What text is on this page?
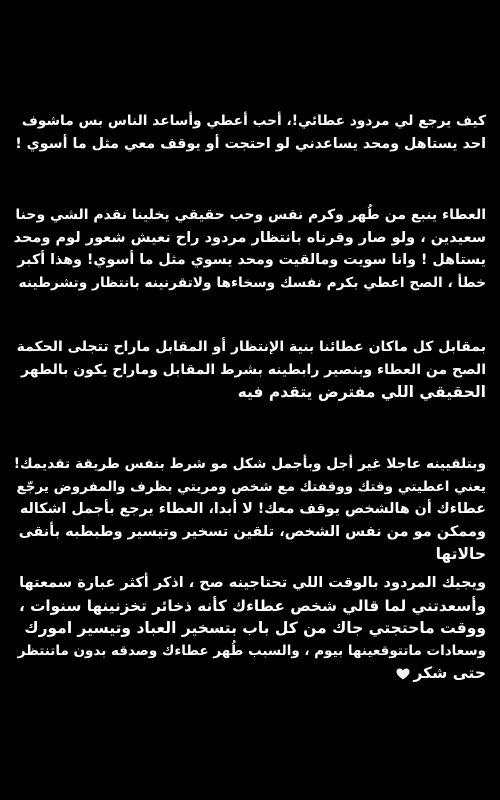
كيف يرجع لي مردود عطائي!، أحب أعطي وأساعد الناس بس ماشوف
احد يستاهل ومحد يساعدني لو احتجت أو يوقف معي مثل ما أسوي !
العطاء ينبع من طُهر وكرم نفس وحب حقيقي يخلينا نقدم الشي وحنا
سعيدين ، ولو صار وقرناه بانتظار مردود راح نعيش شعور لوم ومحد
يستاهل ! وانا سويت ومالقيت ومحد يسوي مثل ما أسوي! وهذا أكبر
خطأ ، الصح اعطي بكرم نفسك وسخاءها ولاتقرنينه بانتظار وتشرطينه
بمقابل كل ماكان عطائنا بنية الإنتظار أو المقابل ماراح تتجلى الحكمة
الصح من العطاء وبنصير رابطينه بشرط المقابل وماراح يكون بالطهر
الحقيقي اللي مفترض يتقدم فيه
وبتلقيينه عاجلا غير أجل وبأجمل شكل مو شرط بنفس طريقة تقديمك!
يعني اعطيتي وقتك ووقفتك مع شخص ومريتي بظرف والمفروض يرجّع
عطاءك أن هالشخص يوقف معك! لا أبدا، العطاء يرجع بأجمل اشكاله
وممكن مو من نفس الشخص، تلقين تسخير وتيسير وطبطبه بأنقى
حالاتها
ويجيك المردود بالوقت اللي تحتاجينه صح ، اذكر أكثر عبارة سمعتها
وأسعدتني لما قالي شخص عطاءك كأنه ذخائر تخزنينها سنوات ،
ووقت ماحتجتي جاك من كل باب بتسخير العباد وتيسير امورك
وسعادات ماتتوقعينها بيوم ، والسبب طُهر عطاءك وصدقه بدون ماتنتظر
حتى شكر
